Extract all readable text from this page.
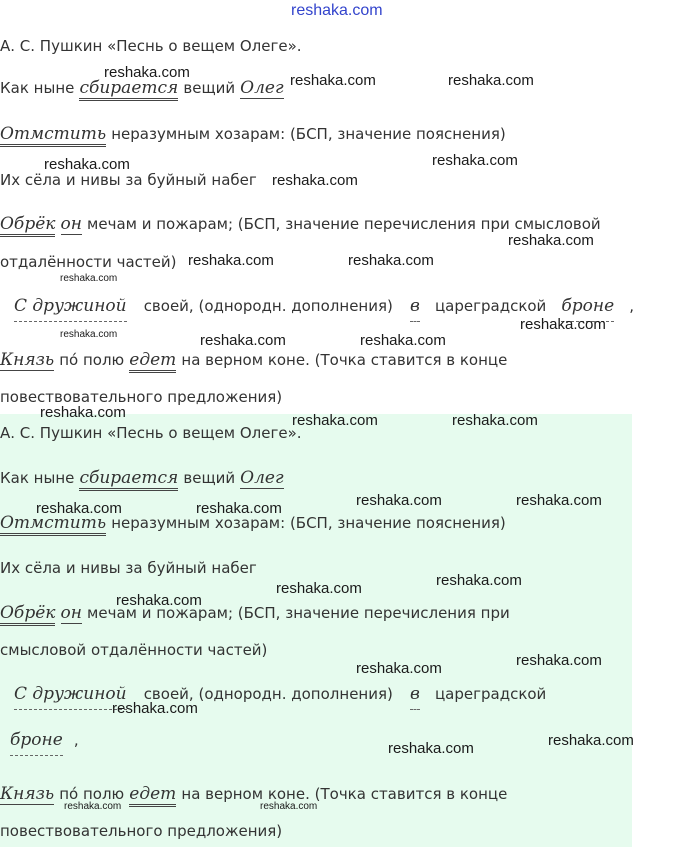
reshaka.com
А. С. Пушкин «Песнь о вещем Олеге».
Как ныне сбирается вещий Олег
Отмстить неразумным хозарам: (БСП, значение пояснения)
Их сёла и нивы за буйный набег
Обрёк он мечам и пожарам; (БСП, значение перечисления при смысловой
отдалённости частей)
С дружиной своей, (однородн. дополнения) в цареградской броне ,
Князь по́ полю едет на верном коне. (Точка ставится в конце
повествовательного предложения)
А. С. Пушкин «Песнь о вещем Олеге».
Как ныне сбирается вещий Олег
Отмстить неразумным хозарам: (БСП, значение пояснения)
Их сёла и нивы за буйный набег
Обрёк он мечам и пожарам; (БСП, значение перечисления при
смысловой отдалённости частей)
С дружиной своей, (однородн. дополнения) в цареградской
броне ,
Князь по́ полю едет на верном коне. (Точка ставится в конце
повествовательного предложения)
reshaka.com	reshaka.com	reshaka.com
reshaka.com
reshaka.com
reshaka.com
reshaka.com
reshaka.com	reshaka.com
reshaka.com
reshaka.com
reshaka.com	reshaka.com	reshaka.com
reshaka.com	reshaka.com	reshaka.com
reshaka.com	reshaka.com
reshaka.com	reshaka.com
reshaka.com
reshaka.com
reshaka.com
reshaka.com
reshaka.com
reshaka.com
reshaka.com
reshaka.com
reshaka.com	reshaka.com
